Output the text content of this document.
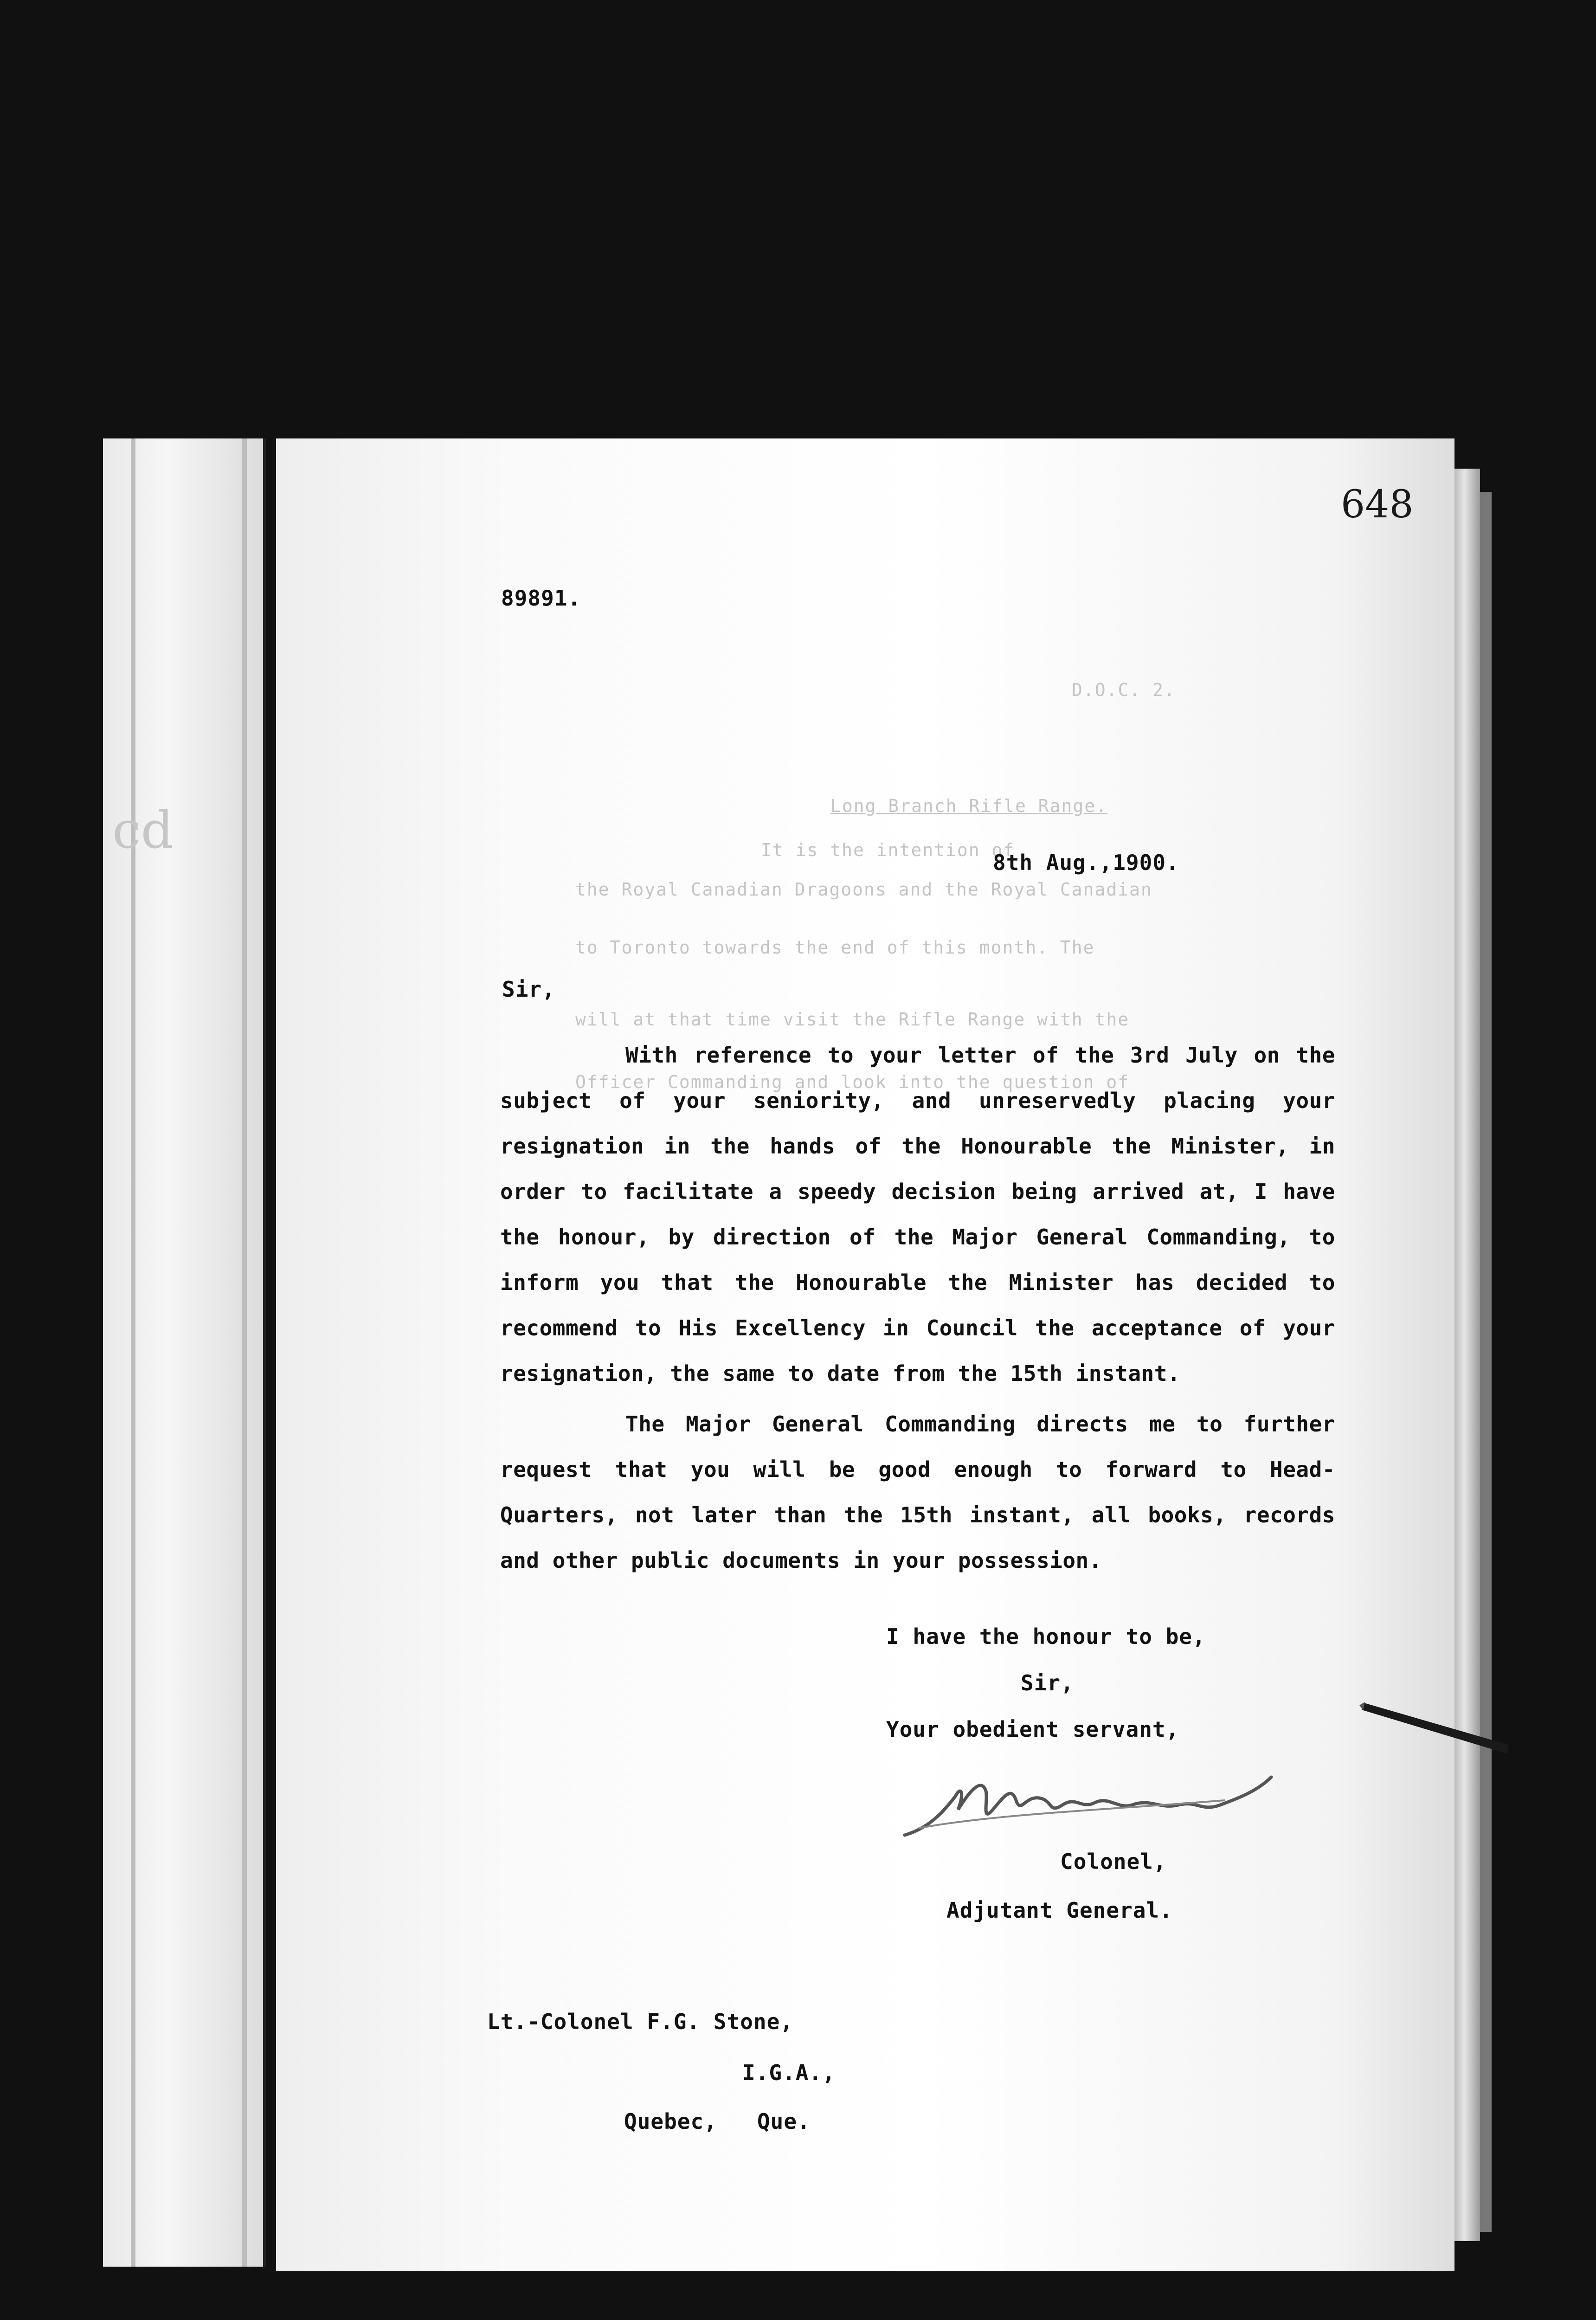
cd
648
Long Branch Rifle Range.
It is the intention of
the Royal Canadian Dragoons and the Royal Canadian
to Toronto towards the end of this month. The
will at that time visit the Rifle Range with the
Officer Commanding and look into the question of
D.O.C. 2.
89891.
8th Aug.,1900.
Sir,
With reference to your letter of the 3rd July on the subject of your seniority, and unreservedly placing your resignation in the hands of the Honourable the Minister, in order to facilitate a speedy decision being arrived at, I have the honour, by direction of the Major General Commanding, to inform you that the Honourable the Minister has decided to recommend to His Excellency in Council the acceptance of your resignation, the same to date from the 15th instant.
The Major General Commanding directs me to further request that you will be good enough to forward to Head-Quarters, not later than the 15th instant, all books, records and other public documents in your possession.
I have the honour to be,
Sir,
Your obedient servant,
Colonel,
Adjutant General.
Lt.-Colonel F.G. Stone,
I.G.A.,
Quebec,   Que.
